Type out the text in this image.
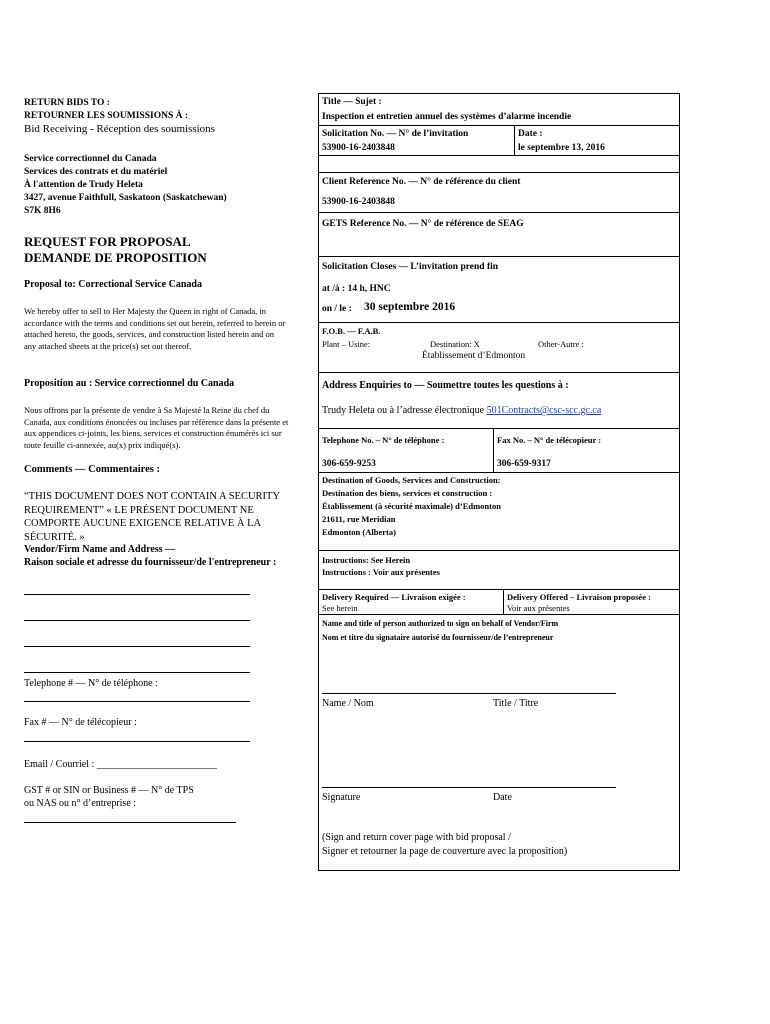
RETURN BIDS TO :
RETOURNER LES SOUMISSIONS À :
Bid Receiving - Réception des soumissions
Service correctionnel du Canada
Services des contrats et du matériel
À l'attention de Trudy Heleta
3427, avenue Faithfull, Saskatoon (Saskatchewan)
S7K 8H6
REQUEST FOR PROPOSAL
DEMANDE DE PROPOSITION
Proposal to: Correctional Service Canada
We hereby offer to sell to Her Majesty the Queen in right of Canada, in accordance with the terms and conditions set out herein, referred to herein or attached hereto, the goods, services, and construction listed herein and on any attached sheets at the price(s) set out thereof.
Proposition au : Service correctionnel du Canada
Nous offrons par la présente de vendre à Sa Majesté la Reine du chef du Canada, aux conditions énoncées ou incluses par référence dans la présente et aux appendices ci-joints, les biens, services et construction énumérés ici sur toute feuille ci-annexée, au(x) prix indiqué(s).
Comments — Commentaires :
“THIS DOCUMENT DOES NOT CONTAIN A SECURITY REQUIREMENT” « LE PRÉSENT DOCUMENT NE COMPORTE AUCUNE EXIGENCE RELATIVE À LA SÉCURITÉ. »
Vendor/Firm Name and Address —
Raison sociale et adresse du fournisseur/de l'entrepreneur :
Telephone # — N° de téléphone :
Fax # — N° de télécopieur :
Email / Courriel : ________________________
GST # or SIN or Business # — N° de TPS
ou NAS ou n° d’entreprise :
Title — Sujet :
Inspection et entretien annuel des systèmes d’alarme incendie
Solicitation No. — N° de l’invitation
53900-16-2403848
Date :
le septembre 13, 2016
Client Reference No. — N° de référence du client
53900-16-2403848
GETS Reference No. — N° de référence de SEAG
Solicitation Closes — L’invitation prend fin
at /à : 14 h, HNC
on / le : 30 septembre 2016
F.O.B. — F.A.B.
Plant – Usine:	Destination: X	Other-Autre :
Établissement d’Edmonton
Address Enquiries to — Soumettre toutes les questions à :
Trudy Heleta ou à l’adresse électronique 501Contracts@csc-scc.gc.ca
Telephone No. – N° de téléphone :
306-659-9253
Fax No. – N° de télécopieur :
306-659-9317
Destination of Goods, Services and Construction:
Destination des biens, services et construction :
Établissement (à sécurité maximale) d’Edmonton
21611, rue Meridian
Edmonton (Alberta)
Instructions: See Herein
Instructions : Voir aux présentes
Delivery Required — Livraison exigée :
See herein
Delivery Offered – Livraison proposée :
Voir aux présentes
Name and title of person authorized to sign on behalf of Vendor/Firm
Nom et titre du signataire autorisé du fournisseur/de l’entrepreneur
Name / Nom	Title / Titre
Signature	Date
(Sign and return cover page with bid proposal /
Signer et retourner la page de couverture avec la proposition)
